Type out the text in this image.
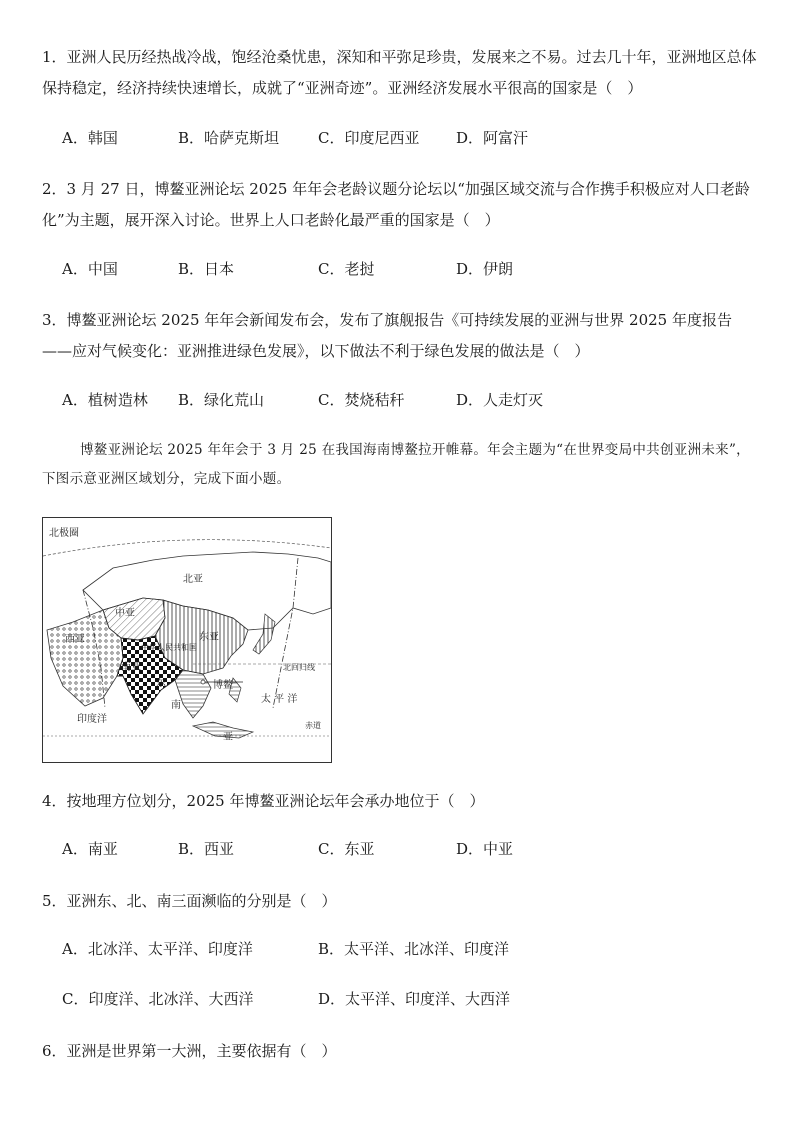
1．亚洲人民历经热战冷战，饱经沧桑忧患，深知和平弥足珍贵，发展来之不易。过去几十年，亚洲地区总体保持稳定，经济持续快速增长，成就了“亚洲奇迹”。亚洲经济发展水平很高的国家是（　）
A．韩国	B．哈萨克斯坦	C．印度尼西亚 D．阿富汗
2．3 月 27 日，博鳌亚洲论坛 2025 年年会老龄议题分论坛以“加强区域交流与合作携手积极应对人口老龄化”为主题，展开深入讨论。世界上人口老龄化最严重的国家是（　）
A．中国	B．日本	C．老挝	D．伊朗
3．博鳌亚洲论坛 2025 年年会新闻发布会，发布了旗舰报告《可持续发展的亚洲与世界 2025 年度报告——应对气候变化：亚洲推进绿色发展》，以下做法不利于绿色发展的做法是（　）
A．植树造林 B．绿化荒山	C．焚烧秸秆	D．人走灯灭
博鳌亚洲论坛 2025 年年会于 3 月 25 在我国海南博鳌拉开帷幕。年会主题为“在世界变局中共创亚洲未来”，下图示意亚洲区域划分，完成下面小题。
北极圈
北亚
中亚
西亚	东亚
中华人民共和国
南亚
东
南
亚
北回归线
博鳌
太 平 洋
印度洋
赤道
4．按地理方位划分，2025 年博鳌亚洲论坛年会承办地位于（　）
A．南亚	B．西亚	C．东亚	D．中亚
5．亚洲东、北、南三面濒临的分别是（　）
A．北冰洋、太平洋、印度洋	B．太平洋、北冰洋、印度洋
C．印度洋、北冰洋、大西洋	D．太平洋、印度洋、大西洋
6．亚洲是世界第一大洲，主要依据有（　）
